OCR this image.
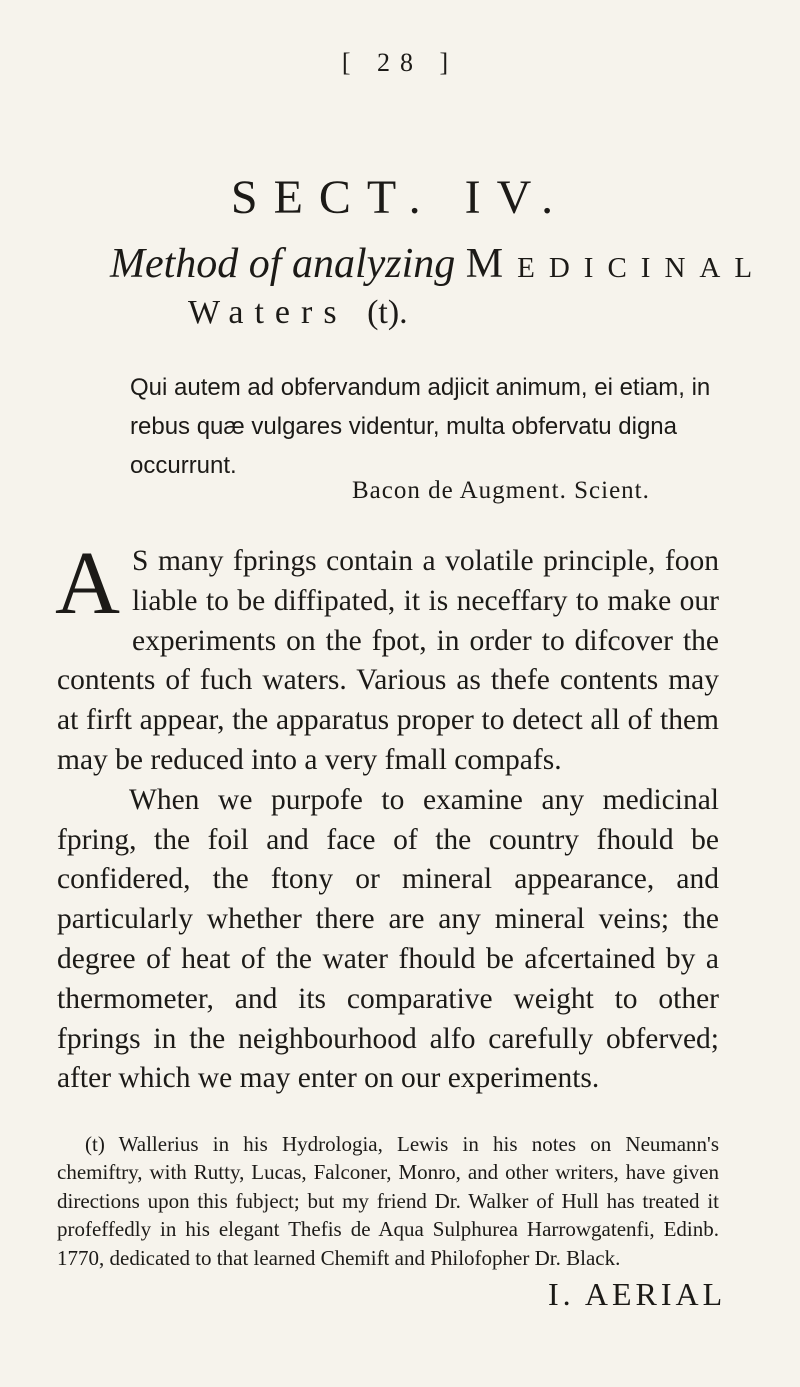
[ 28 ]
SECT. IV.
Method of analyzing Medicinal
Waters (t).
Qui autem ad obfervandum adjicit animum, ei etiam, in rebus quæ vulgares videntur, multa obfervatu digna occurrunt.
Bacon de Augment. Scient.

A S many fprings contain a volatile principle, foon liable to be diffipated, it is neceffary to make our experiments on the fpot, in order to difcover the contents of fuch waters. Various as thefe contents may at firft appear, the apparatus proper to detect all of them may be reduced into a very fmall compafs.

When we purpofe to examine any medicinal fpring, the foil and face of the country fhould be confidered, the ftony or mineral appearance, and particularly whether there are any mineral veins; the degree of heat of the water fhould be afcertained by a thermometer, and its comparative weight to other fprings in the neighbourhood alfo carefully obferved; after which we may enter on our experiments.

(t) Wallerius in his Hydrologia, Lewis in his notes on Neumann's chemiftry, with Rutty, Lucas, Falconer, Monro, and other writers, have given directions upon this fubject; but my friend Dr. Walker of Hull has treated it profeffedly in his elegant Thefis de Aqua Sulphurea Harrowgatenfi, Edinb. 1770, dedicated to that learned Chemift and Philofopher Dr. Black.

I. AERIAL
